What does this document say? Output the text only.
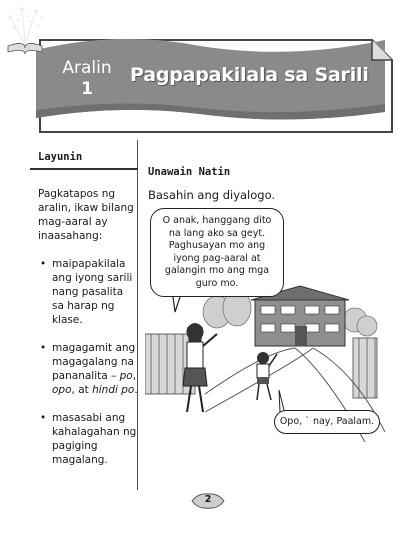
Aralin
1
Pagpapakilala sa Sarili
Layunin
Pagkatapos ng aralin, ikaw bilang mag-aaral ay inaasahang:
• maipapakilala ang iyong sarili nang pasalita sa harap ng klase.
• magagamit ang magagalang na pananalita – po, opo, at hindi po.
• masasabi ang kahalagahan ng pagiging magalang.
Unawain Natin
Basahin ang diyalogo.
O anak, hanggang dito na lang ako sa geyt. Paghusayan mo ang iyong pag-aaral at galangin mo ang mga guro mo.
Opo, ` nay, Paalam.
2
